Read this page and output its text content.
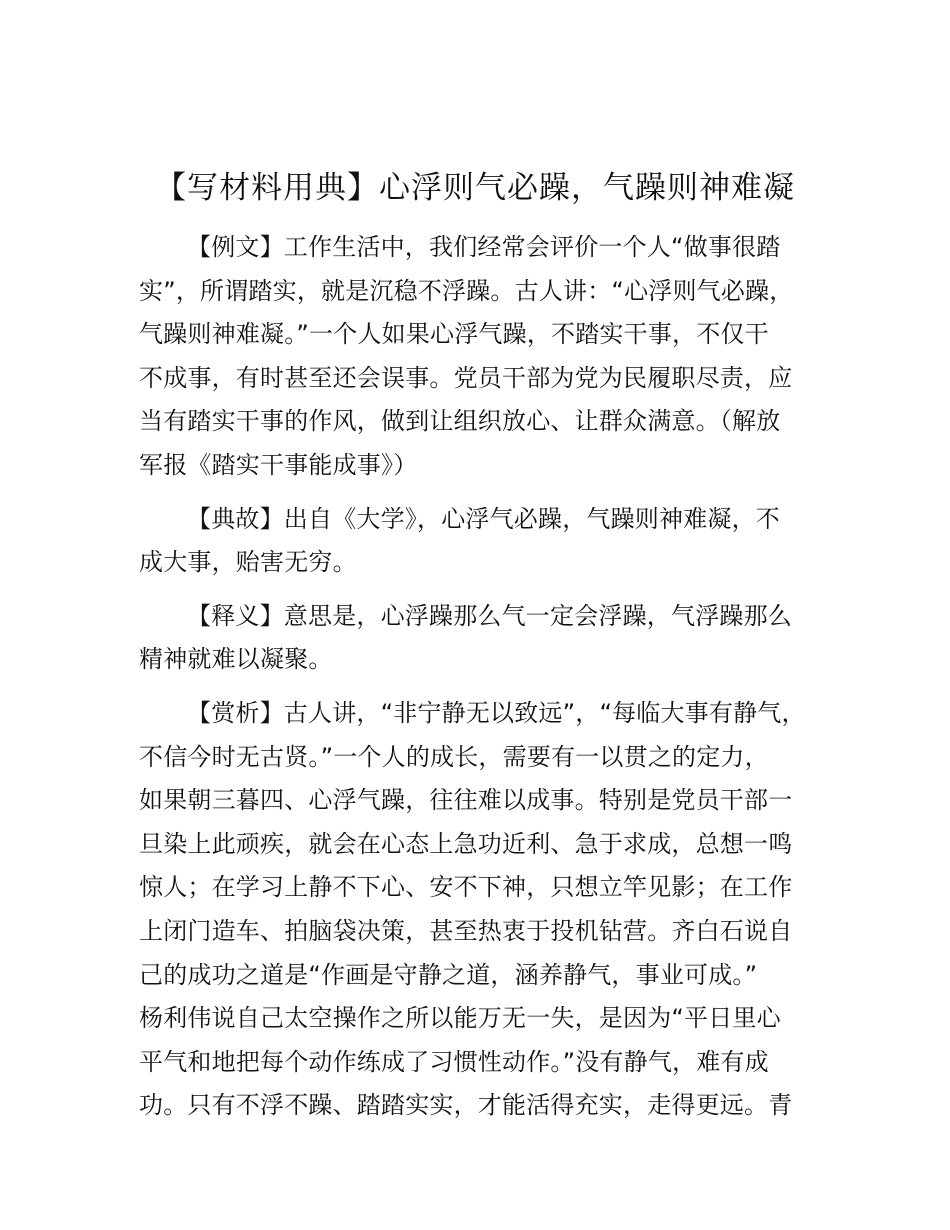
【写材料用典】心浮则气必躁，气躁则神难凝
【例文】工作生活中，我们经常会评价一个人“做事很踏
实”，所谓踏实，就是沉稳不浮躁。古人讲：“心浮则气必躁，
气躁则神难凝。”一个人如果心浮气躁，不踏实干事，不仅干
不成事，有时甚至还会误事。党员干部为党为民履职尽责，应
当有踏实干事的作风，做到让组织放心、让群众满意。（解放
军报《踏实干事能成事》）
【典故】出自《大学》，心浮气必躁，气躁则神难凝，不
成大事，贻害无穷。
【释义】意思是，心浮躁那么气一定会浮躁，气浮躁那么
精神就难以凝聚。
【赏析】古人讲，“非宁静无以致远”，“每临大事有静气，
不信今时无古贤。”一个人的成长，需要有一以贯之的定力，
如果朝三暮四、心浮气躁，往往难以成事。特别是党员干部一
旦染上此顽疾，就会在心态上急功近利、急于求成，总想一鸣
惊人；在学习上静不下心、安不下神，只想立竿见影；在工作
上闭门造车、拍脑袋决策，甚至热衷于投机钻营。齐白石说自
己的成功之道是“作画是守静之道，涵养静气，事业可成。”
杨利伟说自己太空操作之所以能万无一失，是因为“平日里心
平气和地把每个动作练成了习惯性动作。”没有静气，难有成
功。只有不浮不躁、踏踏实实，才能活得充实，走得更远。青
